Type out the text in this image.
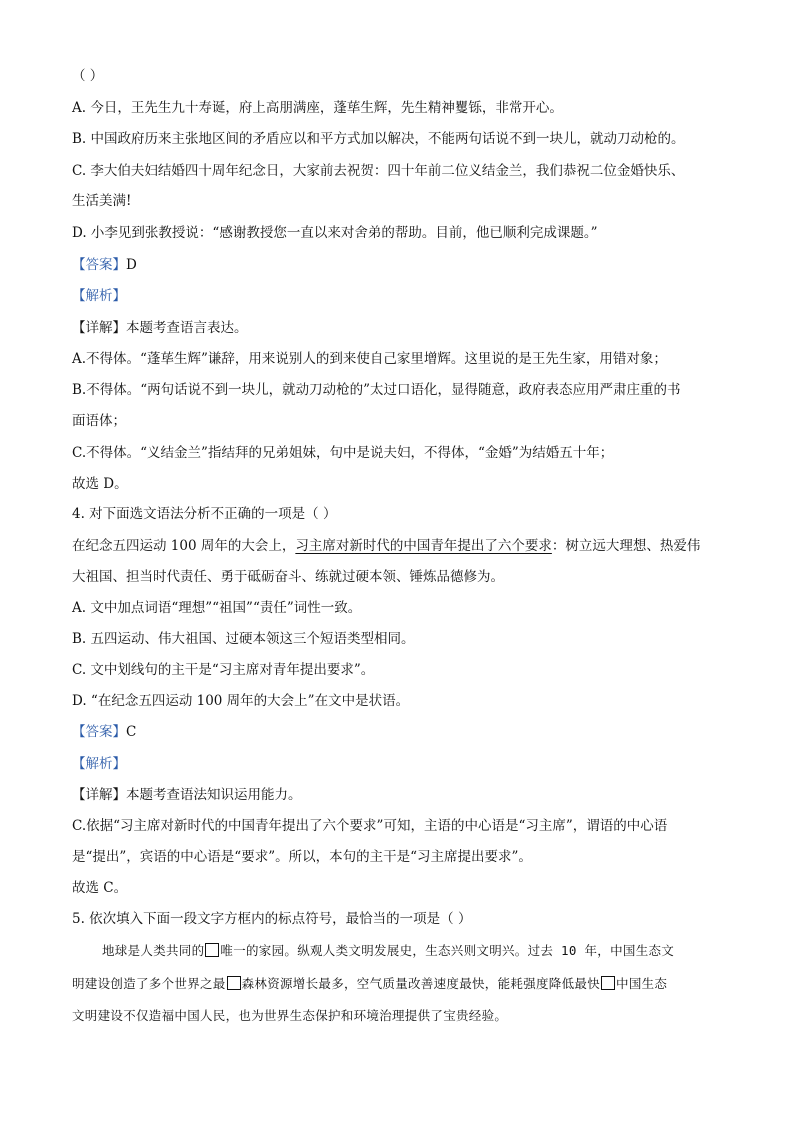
（ ）
A. 今日，王先生九十寿诞，府上高朋满座，蓬荜生辉，先生精神矍铄，非常开心。
B. 中国政府历来主张地区间的矛盾应以和平方式加以解决，不能两句话说不到一块儿，就动刀动枪的。
C. 李大伯夫妇结婚四十周年纪念日，大家前去祝贺：四十年前二位义结金兰，我们恭祝二位金婚快乐、
生活美满!
D. 小李见到张教授说：“感谢教授您一直以来对舍弟的帮助。目前，他已顺利完成课题。”
【答案】D
【解析】
【详解】本题考查语言表达。
A.不得体。“蓬荜生辉”谦辞，用来说别人的到来使自己家里增辉。这里说的是王先生家，用错对象；
B.不得体。“两句话说不到一块儿，就动刀动枪的”太过口语化，显得随意，政府表态应用严肃庄重的书
面语体；
C.不得体。“义结金兰”指结拜的兄弟姐妹，句中是说夫妇，不得体，“金婚”为结婚五十年；
故选 D。
4. 对下面选文语法分析不正确的一项是（ ）
在纪念五四运动 100 周年的大会上，习主席对新时代的中国青年提出了六个要求：树立远大理想、热爱伟
大祖国、担当时代责任、勇于砥砺奋斗、练就过硬本领、锤炼品德修为。
A. 文中加点词语“理想”“祖国”“责任”词性一致。
B. 五四运动、伟大祖国、过硬本领这三个短语类型相同。
C. 文中划线句的主干是“习主席对青年提出要求”。
D. “在纪念五四运动 100 周年的大会上”在文中是状语。
【答案】C
【解析】
【详解】本题考查语法知识运用能力。
C.依据“习主席对新时代的中国青年提出了六个要求”可知，主语的中心语是“习主席”，谓语的中心语
是“提出”，宾语的中心语是“要求”。所以，本句的主干是“习主席提出要求”。
故选 C。
5. 依次填入下面一段文字方框内的标点符号，最恰当的一项是（ ）
地球是人类共同的 唯一的家园。纵观人类文明发展史，生态兴则文明兴。过去 10 年，中国生态文
明建设创造了多个世界之最 森林资源增长最多，空气质量改善速度最快，能耗强度降低最快 中国生态
文明建设不仅造福中国人民，也为世界生态保护和环境治理提供了宝贵经验。
